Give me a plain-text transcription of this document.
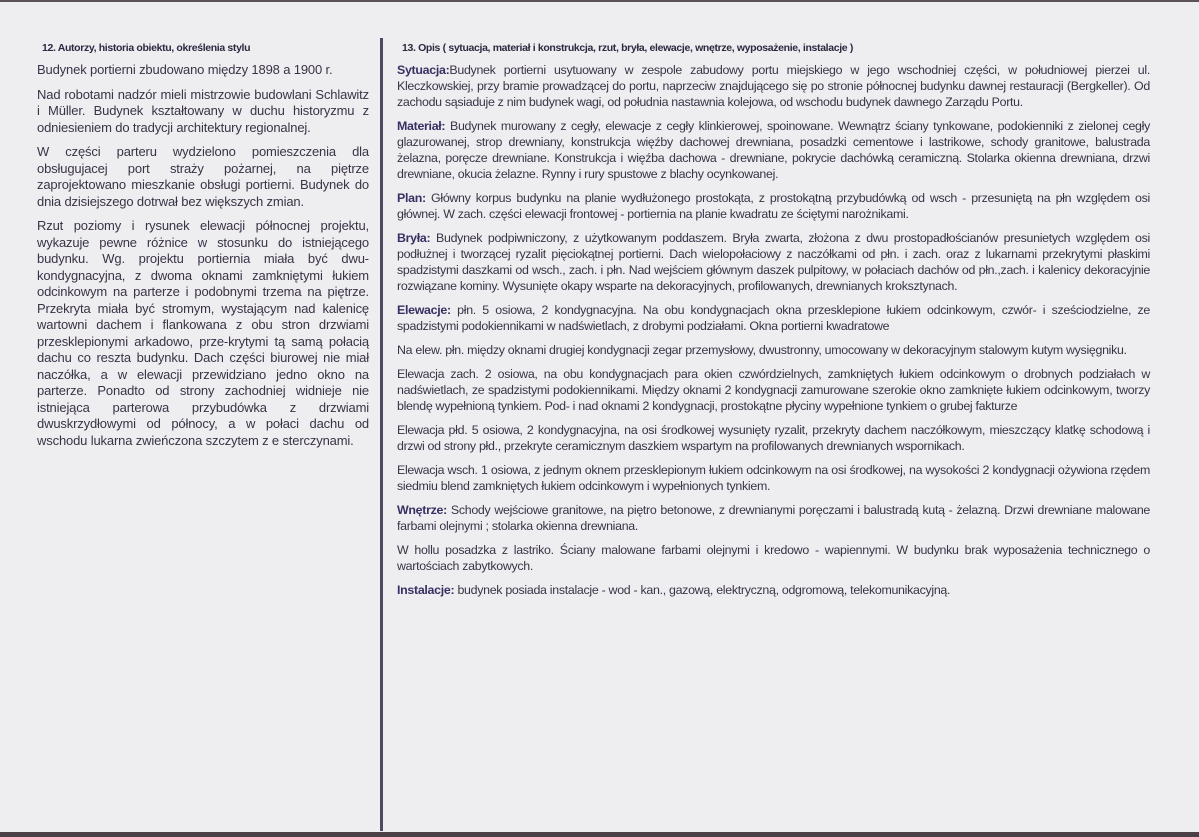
12. Autorzy, historia obiektu, określenia stylu

Budynek portierni zbudowano między 1898 a 1900 r.

Nad robotami nadzór mieli mistrzowie budowlani Schlawitz i Müller. Budynek kształtowany w duchu historyzmu z odniesieniem do tradycji architektury regionalnej.

W części parteru wydzielono pomieszczenia dla obsługujacej port straży pożarnej, na piętrze zaprojektowano mieszkanie obsługi portierni. Budynek do dnia dzisiejszego dotrwał bez większych zmian.

Rzut poziomy i rysunek elewacji północnej projektu, wykazuje pewne różnice w stosunku do istniejącego budynku. Wg. projektu portiernia miała być dwu-kondygnacyjna, z dwoma oknami zamkniętymi łukiem odcinkowym na parterze i podobnymi trzema na piętrze. Przekryta miała być stromym, wystającym nad kalenicę wartowni dachem i flankowana z obu stron drzwiami przesklepionymi arkadowo, prze-krytymi tą samą połacią dachu co reszta budynku. Dach części biurowej nie miał naczółka, a w elewacji przewidziano jedno okno na parterze. Ponadto od strony zachodniej widnieje nie istniejąca parterowa przybudówka z drzwiami dwuskrzydłowymi od północy, a w połaci dachu od wschodu lukarna zwieńczona szczytem z e sterczynami.

13. Opis ( sytuacja, materiał i konstrukcja, rzut, bryła, elewacje, wnętrze, wyposażenie, instalacje )

Sytuacja:Budynek portierni usytuowany w zespole zabudowy portu miejskiego w jego wschodniej części, w południowej pierzei ul. Kleczkowskiej, przy bramie prowadzącej do portu, naprzeciw znajdującego się po stronie północnej budynku dawnej restauracji (Bergkeller). Od zachodu sąsiaduje z nim budynek wagi, od południa nastawnia kolejowa, od wschodu budynek dawnego Zarządu Portu.

Materiał: Budynek murowany z cegły, elewacje z cegły klinkierowej, spoinowane. Wewnątrz ściany tynkowane, podokienniki z zielonej cegły glazurowanej, strop drewniany, konstrukcja więźby dachowej drewniana, posadzki cementowe i lastrikowe, schody granitowe, balustrada żelazna, poręcze drewniane. Konstrukcja i więźba dachowa - drewniane, pokrycie dachówką ceramiczną. Stolarka okienna drewniana, drzwi drewniane, okucia żelazne. Rynny i rury spustowe z blachy ocynkowanej.

Plan: Główny korpus budynku na planie wydłużonego prostokąta, z prostokątną przybudówką od wsch - przesuniętą na płn względem osi głównej. W zach. części elewacji frontowej - portiernia na planie kwadratu ze ściętymi narożnikami.

Bryła: Budynek podpiwniczony, z użytkowanym poddaszem. Bryła zwarta, złożona z dwu prostopadłościanów presunietych względem osi podłużnej i tworzącej ryzalit pięciokątnej portierni. Dach wielopołaciowy z naczółkami od płn. i zach. oraz z lukarnami przekrytymi płaskimi spadzistymi daszkami od wsch., zach. i płn. Nad wejściem głównym daszek pulpitowy, w połaciach dachów od płn.,zach. i kalenicy dekoracyjnie rozwiązane kominy. Wysunięte okapy wsparte na dekoracyjnych, profilowanych, drewnianych kroksztynach.

Elewacje: płn. 5 osiowa, 2 kondygnacyjna. Na obu kondygnacjach okna przesklepione łukiem odcinkowym, czwór- i sześciodzielne, ze spadzistymi podokiennikami w nadświetlach, z drobymi podziałami. Okna portierni kwadratowe

Na elew. płn. między oknami drugiej kondygnacji zegar przemysłowy, dwustronny, umocowany w dekoracyjnym stalowym kutym wysięgniku.

Elewacja zach. 2 osiowa, na obu kondygnacjach para okien czwórdzielnych, zamkniętych łukiem odcinkowym o drobnych podziałach w nadświetlach, ze spadzistymi podokiennikami. Między oknami 2 kondygnacji zamurowane szerokie okno zamknięte łukiem odcinkowym, tworzy blendę wypełnioną tynkiem. Pod- i nad oknami 2 kondygnacji, prostokątne płyciny wypełnione tynkiem o grubej fakturze

Elewacja płd. 5 osiowa, 2 kondygnacyjna, na osi środkowej wysunięty ryzalit, przekryty dachem naczółkowym, mieszczący klatkę schodową i drzwi od strony płd., przekryte ceramicznym daszkiem wspartym na profilowanych drewnianych wspornikach.

Elewacja wsch. 1 osiowa, z jednym oknem przesklepionym łukiem odcinkowym na osi środkowej, na wysokości 2 kondygnacji ożywiona rzędem siedmiu blend zamkniętych łukiem odcinkowym i wypełnionych tynkiem.

Wnętrze: Schody wejściowe granitowe, na piętro betonowe, z drewnianymi poręczami i balustradą kutą - żelazną. Drzwi drewniane malowane farbami olejnymi ; stolarka okienna drewniana.

W hollu posadzka z lastriko. Ściany malowane farbami olejnymi i kredowo - wapiennymi. W budynku brak wyposażenia technicznego o wartościach zabytkowych.

Instalacje: budynek posiada instalacje - wod - kan., gazową, elektryczną, odgromową, telekomunikacyjną.
